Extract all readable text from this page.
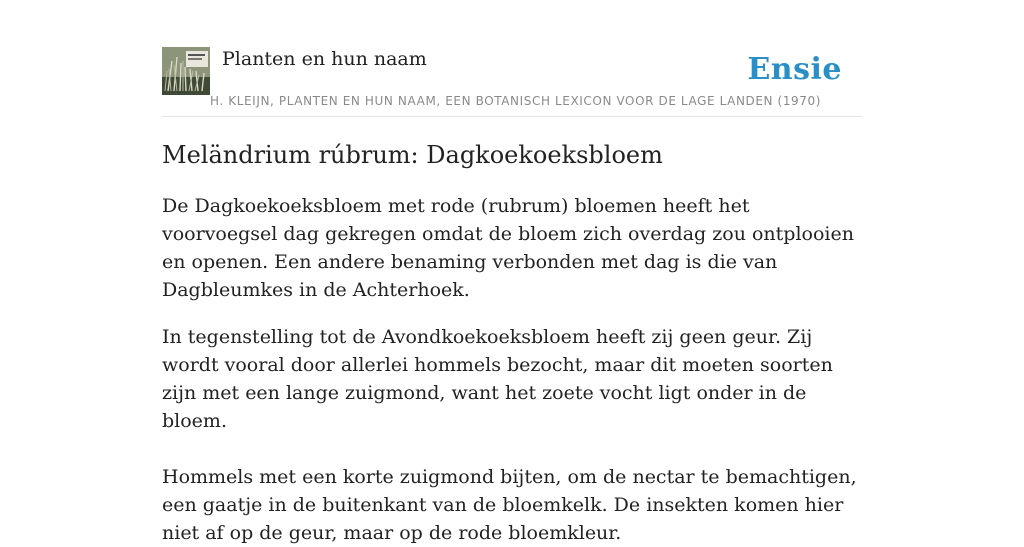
Planten en hun naam	Ensie
H. KLEIJN, PLANTEN EN HUN NAAM, EEN BOTANISCH LEXICON VOOR DE LAGE LANDEN (1970)
Meländrium rúbrum: Dagkoekoeksbloem

De Dagkoekoeksbloem met rode (rubrum) bloemen heeft het voorvoegsel dag gekregen omdat de bloem zich overdag zou ontplooien en openen. Een andere benaming verbonden met dag is die van Dagbleumkes in de Achterhoek.

In tegenstelling tot de Avondkoekoeksbloem heeft zij geen geur. Zij wordt vooral door allerlei hommels bezocht, maar dit moeten soorten zijn met een lange zuigmond, want het zoete vocht ligt onder in de bloem.

Hommels met een korte zuigmond bijten, om de nectar te bemachtigen, een gaatje in de buitenkant van de bloemkelk. De insekten komen hier niet af op de geur, maar op de rode bloemkleur.
